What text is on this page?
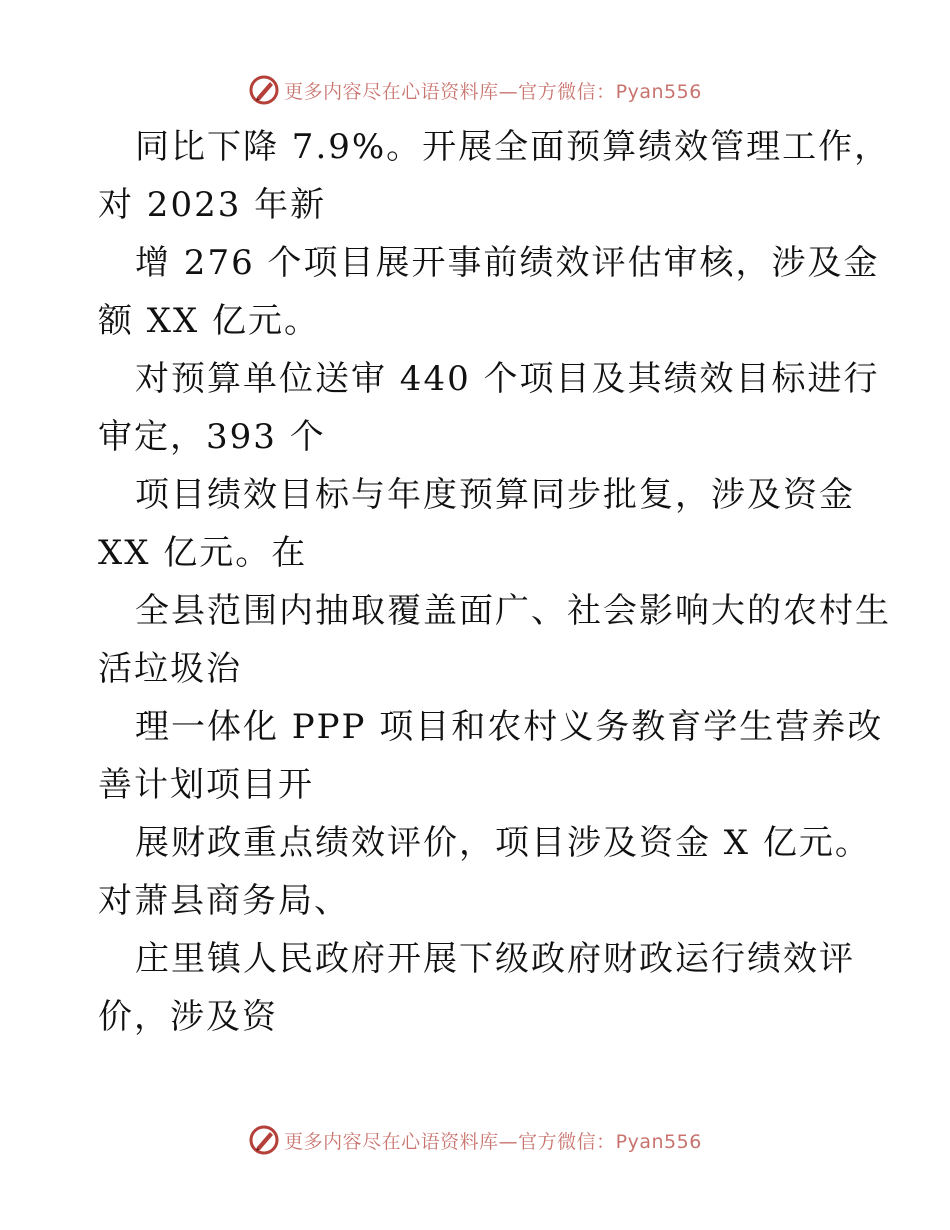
更多内容尽在心语资料库—官方微信：Pyan556
同比下降 7.9%。开展全面预算绩效管理工作，
对 2023 年新
增 276 个项目展开事前绩效评估审核，涉及金
额 XX 亿元。
对预算单位送审 440 个项目及其绩效目标进行
审定，393 个
项目绩效目标与年度预算同步批复，涉及资金
XX 亿元。在
全县范围内抽取覆盖面广、社会影响大的农村生
活垃圾治
理一体化 PPP 项目和农村义务教育学生营养改
善计划项目开
展财政重点绩效评价，项目涉及资金 X 亿元。
对萧县商务局、
庄里镇人民政府开展下级政府财政运行绩效评
价，涉及资
更多内容尽在心语资料库—官方微信：Pyan556
